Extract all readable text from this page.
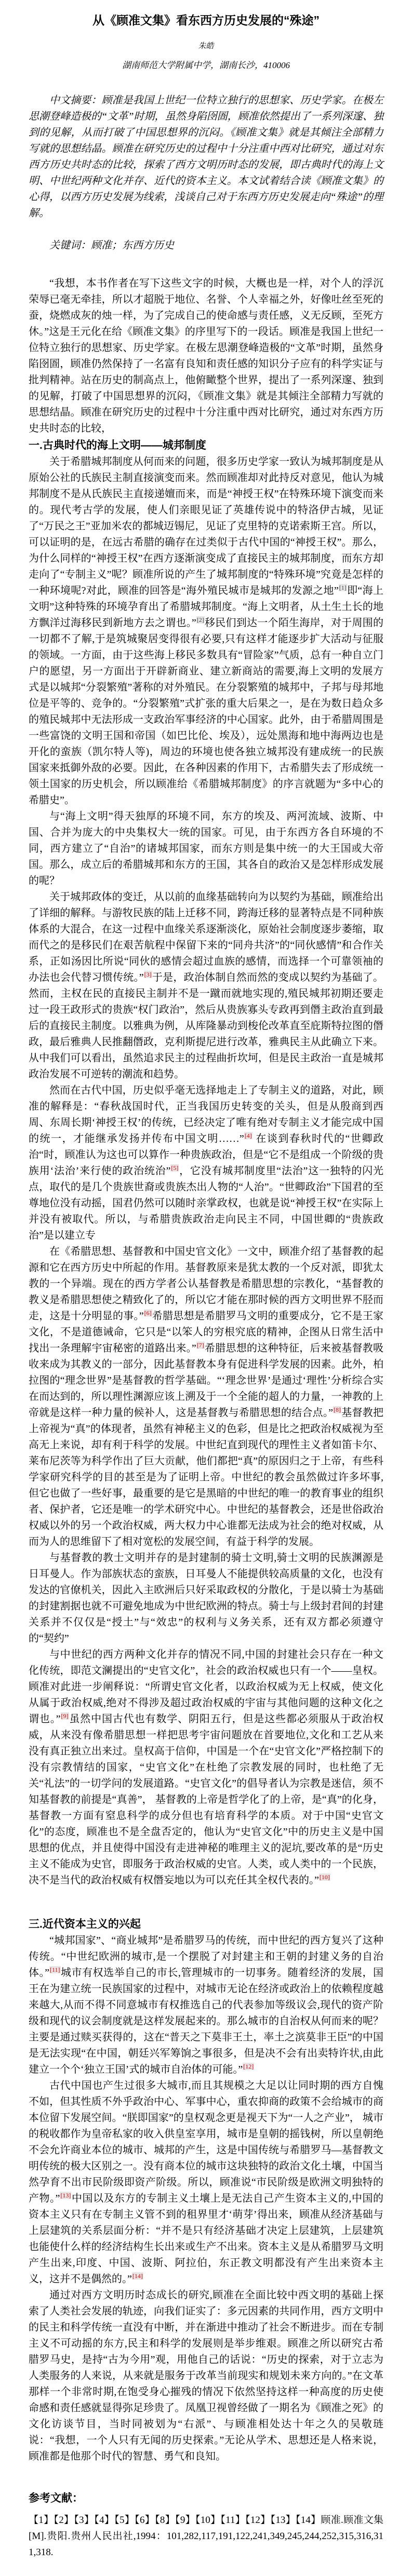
从《顾准文集》看东西方历史发展的“殊途”
朱皓
湖南师范大学附属中学，湖南长沙，410006

中文摘要：顾准是我国上世纪一位特立独行的思想家、历史学家。在极左思潮登峰造极的“文革”时期，虽然身陷囹圄，顾准依然提出了一系列深邃、独到的见解，从而打破了中国思想界的沉闷。《顾准文集》就是其倾注全部精力写就的思想结晶。顾准在研究历史的过程中十分注重中西对比研究，通过对东西方历史共时态的比较，探索了西方文明历时态的发展，即古典时代的海上文明、中世纪两种文化并存、近代的资本主义。本文试着结合读《顾准文集》的心得，以西方历史发展为线索，浅谈自己对于东西方历史发展走向“殊途”的理解。

关键词：顾准；东西方历史

“我想，本书作者在写下这些文字的时候，大概也是一样，对个人的浮沉荣辱已毫无牵挂，所以才超脱于地位、名誉、个人幸福之外，好像吐丝至死的蚕，烧燃成灰的烛一样，为了完成自己的使命感与责任感，义无反顾，至死方休。”这是王元化在给《顾准文集》的序里写下的一段话。顾准是我国上世纪一位特立独行的思想家、历史学家。在极左思潮登峰造极的“文革”时期，虽然身陷囹圄，顾准仍然保持了一名富有良知和责任感的知识分子应有的科学实证与批判精神。站在历史的制高点上，他俯瞰整个世界，提出了一系列深邃、独到的见解，打破了中国思想界的沉闷，《顾准文集》就是其倾注全部精力写就的思想结晶。顾准在研究历史的过程中十分注重中西对比研究，通过对东西方历史共时态的比较，

一.古典时代的海上文明——城邦制度

关于希腊城邦制度从何而来的问题，很多历史学家一致认为城邦制度是从原始公社的氏族民主制直接演变而来。然而顾准却对此持反对意见，他认为城邦制度不是从氏族民主直接递嬗而来，而是“神授王权”在特殊环境下演变而来的。现代考古学的发展，使人们亲眼见证了英雄传说中的特洛伊古城，见证了“万民之王”亚加米农的都城迈锡尼，见证了克里特的克诺索斯王宫。所以，可以证明的是，在远古希腊的确存在过类似于古代中国的“神授王权”。那么，为什么同样的“神授王权”在西方逐渐演变成了直接民主的城邦制度，而东方却走向了“专制主义”呢？顾准所说的产生了城邦制度的“特殊环境”究竟是怎样的一种环境呢?对此，顾准的回答是“海外殖民城市是城邦的发源之地”[1]即“海上文明”这种特殊的环境孕育出了希腊城邦制度。“海上文明者，从土生土长的地方飘洋过海移民到新地方去之谓也。”[2]移民们到达一个陌生海岸，对于周围的一切都不了解,于是筑城聚居变得很有必要,只有这样才能逐步扩大活动与征服的领域。一方面，由于这些海上移民多数具有“冒险家”气质，总有一种自立门户的愿望，另一方面出于开辟新商业、建立新商站的需要,海上文明的发展方式是以城邦“分裂繁殖”著称的对外殖民。在分裂繁殖的城邦中，子邦与母邦地位是平等的、竞争的。“分裂繁殖”式扩张的重大后果之一，是在为数日趋众多的殖民城邦中无法形成一支政治军事经济的中心国家。此外，由于希腊周围是一些富饶的文明王国和帝国（如巴比伦、埃及），远处黑海和地中海两边也是开化的蛮族（凯尔特人等)，周边的环境也使各独立城邦没有建成统一的民族国家来抵御外敌的必要。因此，在各种因素的作用下，古希腊失去了形成统一领土国家的历史机会，所以顾准给《希腊城邦制度》的序言就题为“多中心的希腊史”。

与“海上文明”得天独厚的环境不同，东方的埃及、两河流域、波斯、中国、合并为庞大的中央集权大一统的国家。可见，由于东西方各自环境的不同，西方建立了“自治”的诸城邦国家，而东方则是集中统一的大王国或大帝国。那么，成立后的希腊城邦和东方的王国，其各自的政治又是怎样形成发展的呢？

关于城邦政体的变迁，从以前的血缘基础转向为以契约为基础，顾准给出了详细的解释。与游牧民族的陆上迁移不同，跨海迁移的显著特点是不同种族体系的大混合，在这一过程中血缘关系逐渐淡化，原始社会制度逐步萎缩，取而代之的是移民们在艰苦航程中保留下来的“同舟共济”的“同伙感情”和合作关系，正如汤因比所说“同伙的感情会超过血族的感情，而选择一个可靠领袖的办法也会代替习惯传统。”[3]于是，政治体制自然而然的变成以契约为基础了。然而，主权在民的直接民主制并不是一蹴而就地实现的,殖民城邦初期还要走过一段王政形式的贵族“权门政治”，然后从贵族寡头专政再到僭主政治直到最后的直接民主制度。以雅典为例，从库隆暴动到梭伦改革直至庇斯特拉图的僭政，最后雅典人民推翻僭政，克利斯提尼进行改革，雅典民主从此确立下来。从中我们可以看出，虽然追求民主的过程曲折坎坷，但是民主政治一直是城邦政治发展不可逆转的潮流和趋势。

然而在古代中国，历史似乎毫无选择地走上了专制主义的道路，对此，顾准的解释是：“春秋战国时代，正当我国历史转变的关头，但是从殷商到西周、东周长期‘神授王权’的传统，已经决定了唯有绝对专制主义才能完成中国的统一，才能继承发扬并传布中国文明……”[4] 在谈到春秋时代的“世卿政治“时，顾准认为这也可以算作一种贵族政治，但是“它不是组成一个阶级的贵族用‘法治’来行使的政治统治”[5]，它没有城邦制度里“法治”这一独特的闪光点，取代的是几个贵族世裔或贵族杰出人物的“人治”。“世卿政治”下国君的至尊地位没有动摇，国君仍然可以随时亲掌政权，也就是说“神授王权”在实际上并没有被取代。所以，与希腊贵族政治走向民主不同，中国世卿的“贵族政治”是以建立专

在《希腊思想、基督教和中国史官文化》一文中，顾准介绍了基督教的起源和它在西方历史中所起的作用。基督教原来是犹太教的一个反对派，即犹太教的一个异端。现在的西方学者公认基督教是希腊思想的宗教化，“基督教的教义是希腊思想使之精致化了的，所以它才能在那时候的西方文明世界不胫而走，这是十分明显的事。”[6]希腊思想是希腊罗马文明的重要成分，它不是王家文化，不是道德诫命，它只是“以笨人的穷根究底的精神，企图从日常生活中找出一条理解宇宙秘密的道路出来。”[7]希腊思想的这种特征，后来被基督教吸收来成为其教义的一部分，因此基督教本身有促进科学发展的因素。此外，柏拉图的“理念世界”是基督教的哲学基础。“‘理念世界’是通过‘理性’分析综合实在而达到的，所以理性渊源应该上溯及于一个全能的超人的力量，一神教的上帝就是这样一种力量的候补人，这是基督教与希腊思想的结合点。”[8]基督教把上帝视为“真”的体现者，虽然有神秘主义的色彩，但是比之把政治权威视为至高无上来说，却有利于科学的发展。中世纪直到现代的理性主义者如笛卡尔、莱布尼茨等为科学作出了巨大贡献，他们都把“真”的原因归之于上帝，有些科学家研究科学的目的甚至是为了证明上帝。中世纪的教会虽然做过许多坏事,但它也做了一些好事，最重要的是它是黑暗的中世纪的唯一的教育事业的组织者、保护者，它还是唯一的学术研究中心。中世纪的基督教会，还是世俗政治权威以外的另一个政治权威，两大权力中心谁都无法成为社会的绝对权威，从而为人的思维留下了相对宽松的发展空间，有益于科学的发展。

与基督教的教士文明并存的是封建制的骑士文明,骑士文明的民族渊源是日耳曼人。作为部族状态的蛮族，日耳曼人不能提供较高质量的文化，也没有发达的官僚机关，因此入主欧洲后只好采取政权的分散化，于是以骑士为基础的封建割据也就不可避免地成为中世纪欧洲的特点。骑士与上级封君间的封建关系并不仅仅是“授土”与“效忠”的权利与义务关系，还有双方都必须遵守的“契约”

与中世纪的西方两种文化并存的情况不同,中国的封建社会只存在一种文化传统，即范文澜提出的“史官文化”，社会的政治权威也只有一个——皇权。顾准对此进一步阐释说：“所谓史官文化者，以政治权威为无上权威，使文化从属于政治权威,绝对不得涉及超过政治权威的宇宙与其他问题的这种文化之谓也。”[9]虽然中国古代也有数学、阴阳五行，但是这些都必须服从于政治权威，从来没有像希腊思想一样把思考宇宙问题放在首要地位,文化和工艺从来没有真正独立出来过。皇权高于信仰，中国是一个在“史官文化”严格控制下的没有宗教情结的国家，“史官文化”在杜绝了宗教发展的同时，也杜绝了无关“礼法”的一切学问的发展道路。“史官文化”的倡导者认为宗教是迷信，须不知基督教的前提是“真善”， 基督教的上帝是哲学化了的上帝，是“真”的化身，基督教一方面有窒息科学的成分但也有培育科学的本质。对于中国“史官文化”的态度，顾准也不是全盘否定的，他认为“史官文化”中的历史主义是中国思想的优点，并且使得中国没有走进神秘的唯理主义的泥坑,要改革的是“历史主义不能成为史官，即服务于政治权威的史官。人类，或人类中的一个民族，决不是当代的政治权威有权僭妄地以为可以充任其全权代表的。”[10]

三.近代资本主义的兴起

“城邦国家”、“商业城邦”是希腊罗马的传统，而中世纪的西方复兴了这种传统。“中世纪欧洲的城市,是一个摆脱了对封建主和王朝的封建义务的自治体。”[11]城市有权选举自己的市长,管理城市的一切事务。随着经济的发展，国王在为建立统一民族国家的过程中，对城市无论在经济或政治上的依赖程度越来越大,从而不得不同意城市有权推选自己的代表参加等级议会,现代的资产阶级和现代的议会制度就是这样发展起来的。那么城市的自治权从何而来的呢？主要是通过赎买获得的，这在“普天之下莫非王土，率土之滨莫非王臣”的中国是无法实现“在中国，朝廷兴军筹饷之事很多，但是决不会有出卖特许状,由此建立一个个‘独立王国’式的城市自治体的可能。”[12]

古代中国也产生过很多大城市,而且其规模之大足以让同时期的西方自愧不如，但其性质不外乎政治中心、军事中心，重农抑商的政策不会给城市的商本位留下发展空间。“朕即国家”的皇权观念更是视天下为“一人之产业”， 城市的税收都作为皇帝私家的收入供皇室享用，城市是皇朝的摇钱树，所以皇朝绝不会允许商业本位的城市、城邦的产生，这是中国传统与希腊罗马—基督教文明传统的极大区别之一。没有商本位的城市这块独特的政治文化土壤，中国当然孕育不出市民阶级即资产阶级。所以，顾准说“市民阶级是欧洲文明独特的产物。”[13]中国以及东方的专制主义土壤上是无法自己产生资本主义的,中国的资本主义只有在专制主义管不到的租界里才‘萌芽’得出来，顾准从经济基础与上层建筑的关系层面分析：“并不是只有经济基础才决定上层建筑，上层建筑也能使什么样的经济结构生长出来或生产不出来。资本主义是从希腊罗马文明产生出来,印度、中国、波斯、阿拉伯，东正教文明都没有产生出来资本主义，这并不是偶然的。”[14]

通过对西方文明历时态成长的研究,顾准在全面比较中西文明的基础上探索了人类社会发展的轨迹，向我们证实了：多元因素的共同作用，西方文明中的民主和科学传统一直没有中断，并在渐进中推动了社会不断进步。而在专制主义不可动摇的东方,民主和科学的发展则是举步维艰。顾准之所以研究古希腊罗马史，是持“古为今用”观，用他自己的话说：“历史的探索，对于立志为人类服务的人来说，从来就是服务于改革当前现实和规划未来方向的。”在文革那样一个非常时期,在饱受身心摧残的情况下依然坚持这样一种高度的历史使命感和责任感就显得弥足珍贵了。凤凰卫视曾经做了一期名为《顾准之死》的文化访谈节目，当时同被划为“右派”、与顾准相处达十年之久的吴敬琏说：“我想，一个人只有无闻的历史探索。”无论从学术、思想还是人格来说，顾准都是他那个时代的智慧、勇气和良知。

参考文献：

【1】【2】【3】【4】【5】【6】【8】【9】【10】【11】【12】【13】【14】顾准.顾准文集[M].贵阳.贵州人民出社,1994：101,282,117,191,122,241,349,245,244,252,315,316,311,318.
